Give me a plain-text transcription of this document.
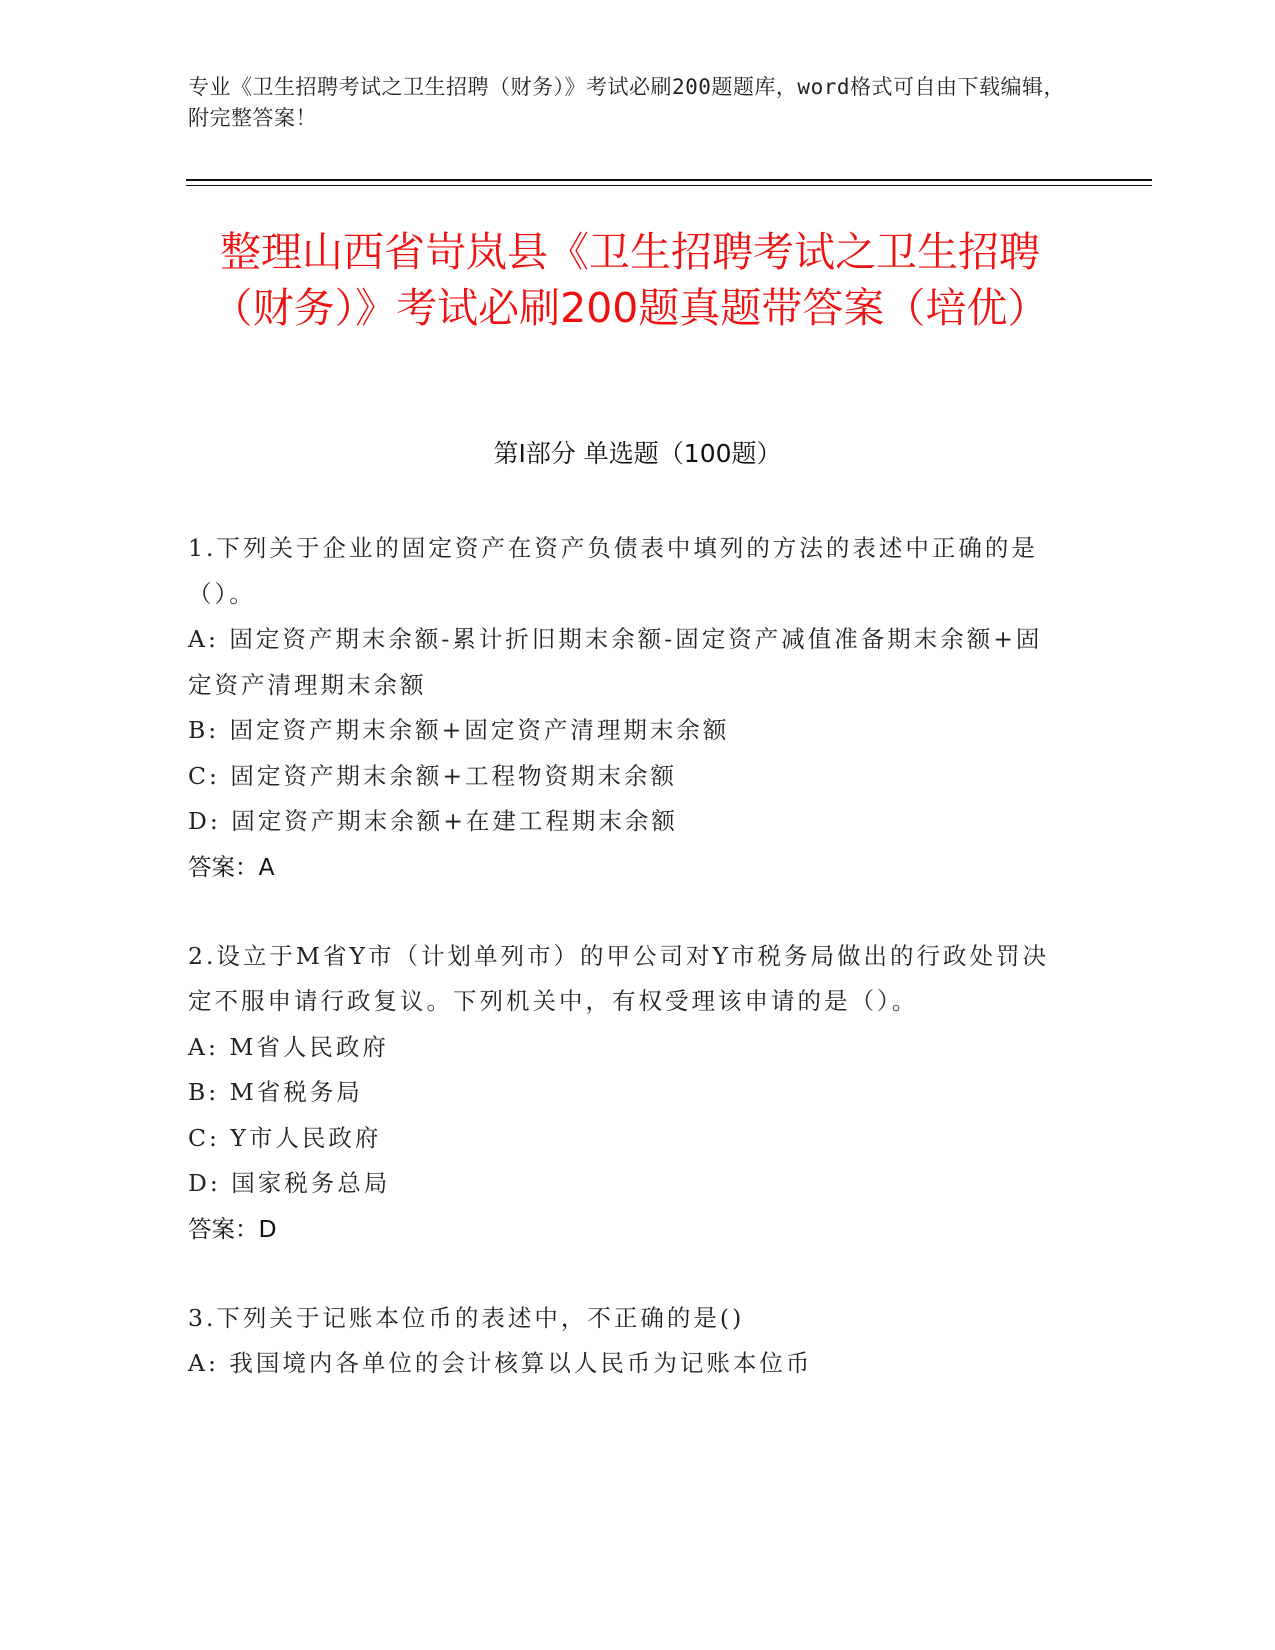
专业《卫生招聘考试之卫生招聘（财务）》考试必刷200题题库，word格式可自由下载编辑，附完整答案！
整理山西省岢岚县《卫生招聘考试之卫生招聘（财务）》考试必刷200题真题带答案（培优）
第I部分 单选题（100题）

1.下列关于企业的固定资产在资产负债表中填列的方法的表述中正确的是（）。

A: 固定资产期末余额-累计折旧期末余额-固定资产减值准备期末余额+固定资产清理期末余额

B: 固定资产期末余额+固定资产清理期末余额

C: 固定资产期末余额+工程物资期末余额

D: 固定资产期末余额+在建工程期末余额

答案：A

2.设立于M省Y市（计划单列市）的甲公司对Y市税务局做出的行政处罚决定不服申请行政复议。下列机关中，有权受理该申请的是（）。

A: M省人民政府

B: M省税务局

C: Y市人民政府

D: 国家税务总局

答案：D

3.下列关于记账本位币的表述中，不正确的是()

A: 我国境内各单位的会计核算以人民币为记账本位币
